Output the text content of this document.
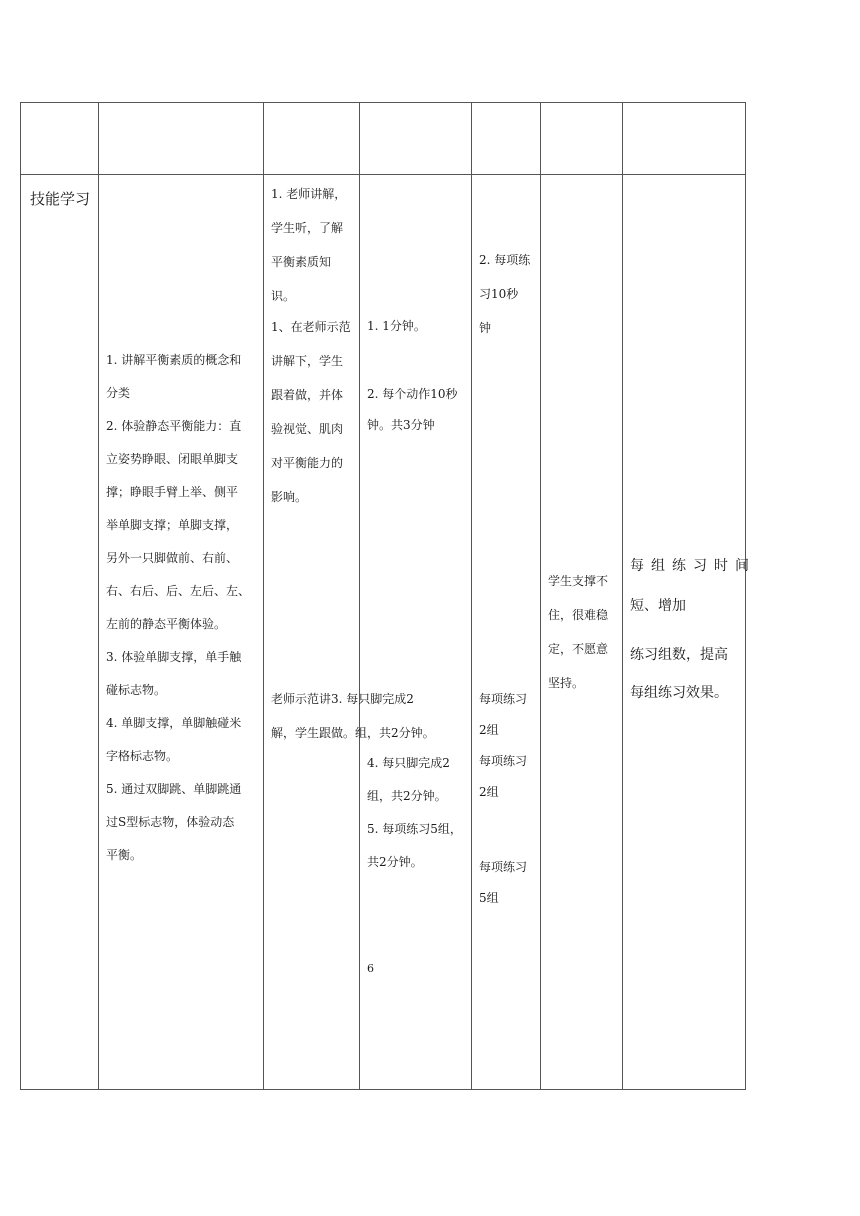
技能学习
1. 讲解平衡素质的概念和
分类
2. 体验静态平衡能力：直
立姿势睁眼、闭眼单脚支
撑；睁眼手臂上举、侧平
举单脚支撑；单脚支撑，
另外一只脚做前、右前、
右、右后、后、左后、左、
左前的静态平衡体验。
3. 体验单脚支撑，单手触
碰标志物。
4. 单脚支撑，单脚触碰米
字格标志物。
5. 通过双脚跳、单脚跳通
过S型标志物，体验动态
平衡。
1. 老师讲解，
学生听，了解
平衡素质知
识。
1、在老师示范
讲解下，学生
跟着做，并体
验视觉、肌肉
对平衡能力的
影响。
老师示范讲3. 每只脚完成2
解，学生跟做。组，共2分钟。
1. 1分钟。
2. 每个动作10秒
钟。共3分钟
4. 每只脚完成2
组，共2分钟。
5. 每项练习5组，
共2分钟。
2. 每项练
习10秒
钟
每项练习
2组
每项练习
2组
每项练习
5组
学生支撑不
住，很难稳
定，不愿意
坚持。
每组练习时间
短、增加
练习组数，提高
每组练习效果。
6
